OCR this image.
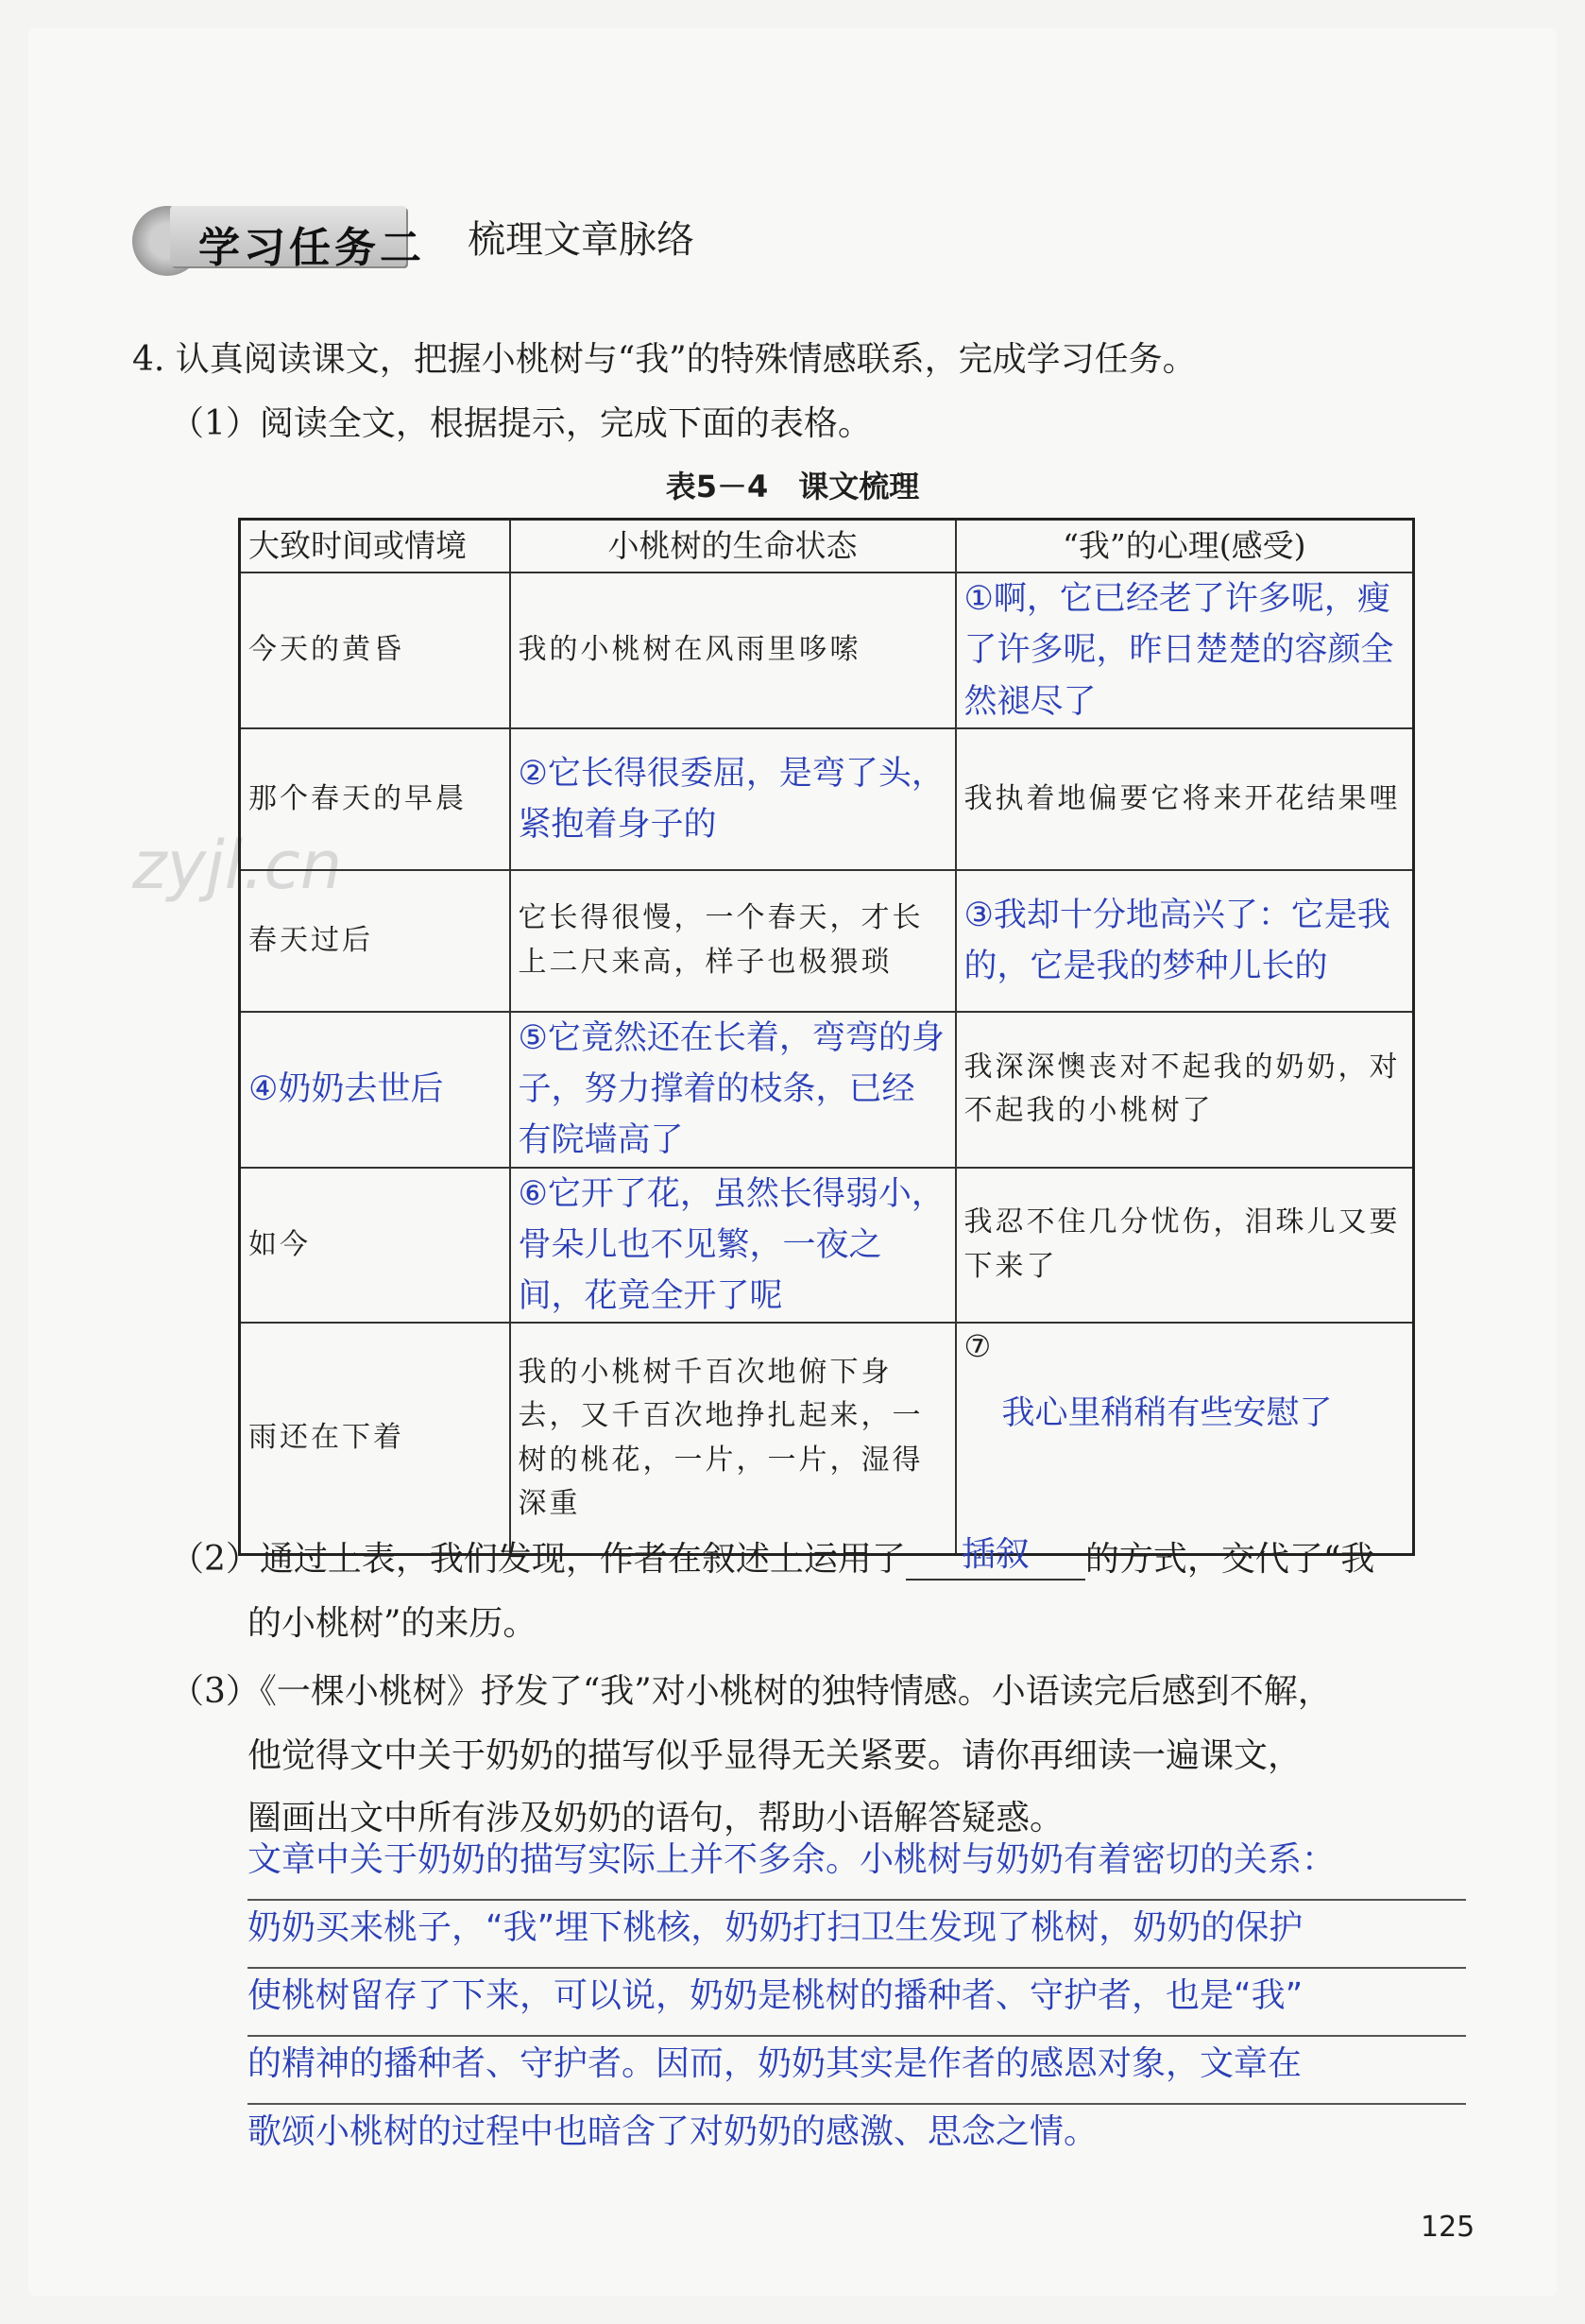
zyjl.cn
学习任务二 梳理文章脉络
4. 认真阅读课文，把握小桃树与“我”的特殊情感联系，完成学习任务。
（1）阅读全文，根据提示，完成下面的表格。
表5－4　课文梳理
大致时间或情境	小桃树的生命状态	“我”的心理(感受)

今天的黄昏	我的小桃树在风雨里哆嗦	①啊，它已经老了许多呢，瘦了许多呢，昨日楚楚的容颜全然褪尽了

那个春天的早晨	②它长得很委屈，是弯了头，紧抱着身子的	我执着地偏要它将来开花结果哩

春天过后	它长得很慢，一个春天，才长上二尺来高，样子也极猥琐	③我却十分地高兴了：它是我的，它是我的梦种儿长的

④奶奶去世后	⑤它竟然还在长着，弯弯的身子，努力撑着的枝条，已经有院墙高了	我深深懊丧对不起我的奶奶，对不起我的小桃树了

如今	⑥它开了花，虽然长得弱小，骨朵儿也不见繁，一夜之间，花竟全开了呢	我忍不住几分忧伤，泪珠儿又要下来了

雨还在下着	我的小桃树千百次地俯下身去，又千百次地挣扎起来，一树的桃花，一片，一片，湿得深重	⑦
我心里稍稍有些安慰了
（2）通过上表，我们发现，作者在叙述上运用了	插叙	的方式，交代了“我
的小桃树”的来历。
（3）《一棵小桃树》抒发了“我”对小桃树的独特情感。小语读完后感到不解，
他觉得文中关于奶奶的描写似乎显得无关紧要。请你再细读一遍课文，
圈画出文中所有涉及奶奶的语句，帮助小语解答疑惑。
文章中关于奶奶的描写实际上并不多余。小桃树与奶奶有着密切的关系：
奶奶买来桃子，“我”埋下桃核，奶奶打扫卫生发现了桃树，奶奶的保护
使桃树留存了下来，可以说，奶奶是桃树的播种者、守护者，也是“我”
的精神的播种者、守护者。因而，奶奶其实是作者的感恩对象，文章在
歌颂小桃树的过程中也暗含了对奶奶的感激、思念之情。
125
